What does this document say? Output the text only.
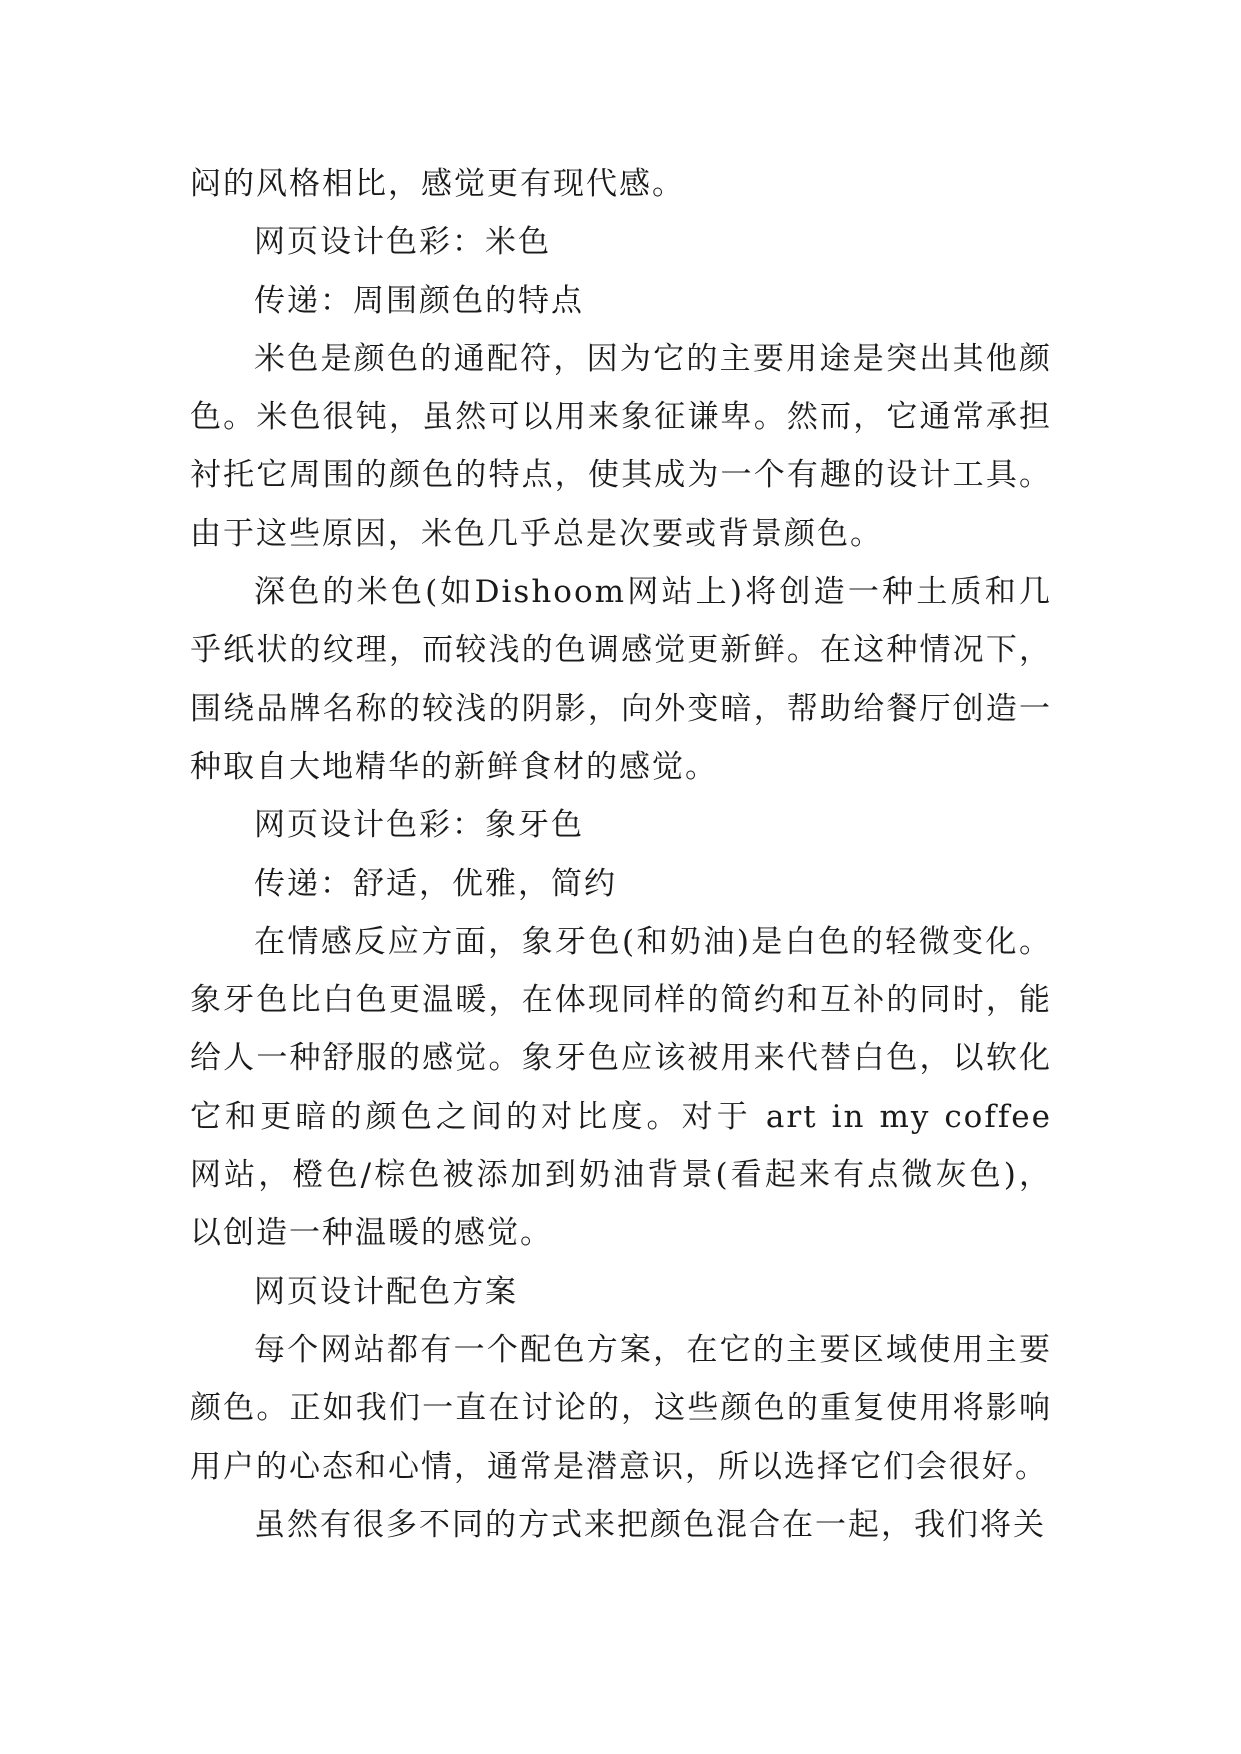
闷的风格相比，感觉更有现代感。

网页设计色彩：米色

传递：周围颜色的特点

米色是颜色的通配符，因为它的主要用途是突出其他颜色。米色很钝，虽然可以用来象征谦卑。然而，它通常承担衬托它周围的颜色的特点，使其成为一个有趣的设计工具。由于这些原因，米色几乎总是次要或背景颜色。

深色的米色(如Dishoom网站上)将创造一种土质和几乎纸状的纹理，而较浅的色调感觉更新鲜。在这种情况下，围绕品牌名称的较浅的阴影，向外变暗，帮助给餐厅创造一种取自大地精华的新鲜食材的感觉。

网页设计色彩：象牙色

传递：舒适，优雅，简约

在情感反应方面，象牙色(和奶油)是白色的轻微变化。象牙色比白色更温暖，在体现同样的简约和互补的同时，能给人一种舒服的感觉。象牙色应该被用来代替白色，以软化它和更暗的颜色之间的对比度。对于 art in my coffee 网站，橙色/棕色被添加到奶油背景(看起来有点微灰色)，以创造一种温暖的感觉。

网页设计配色方案

每个网站都有一个配色方案，在它的主要区域使用主要颜色。正如我们一直在讨论的，这些颜色的重复使用将影响用户的心态和心情，通常是潜意识，所以选择它们会很好。

虽然有很多不同的方式来把颜色混合在一起，我们将关
